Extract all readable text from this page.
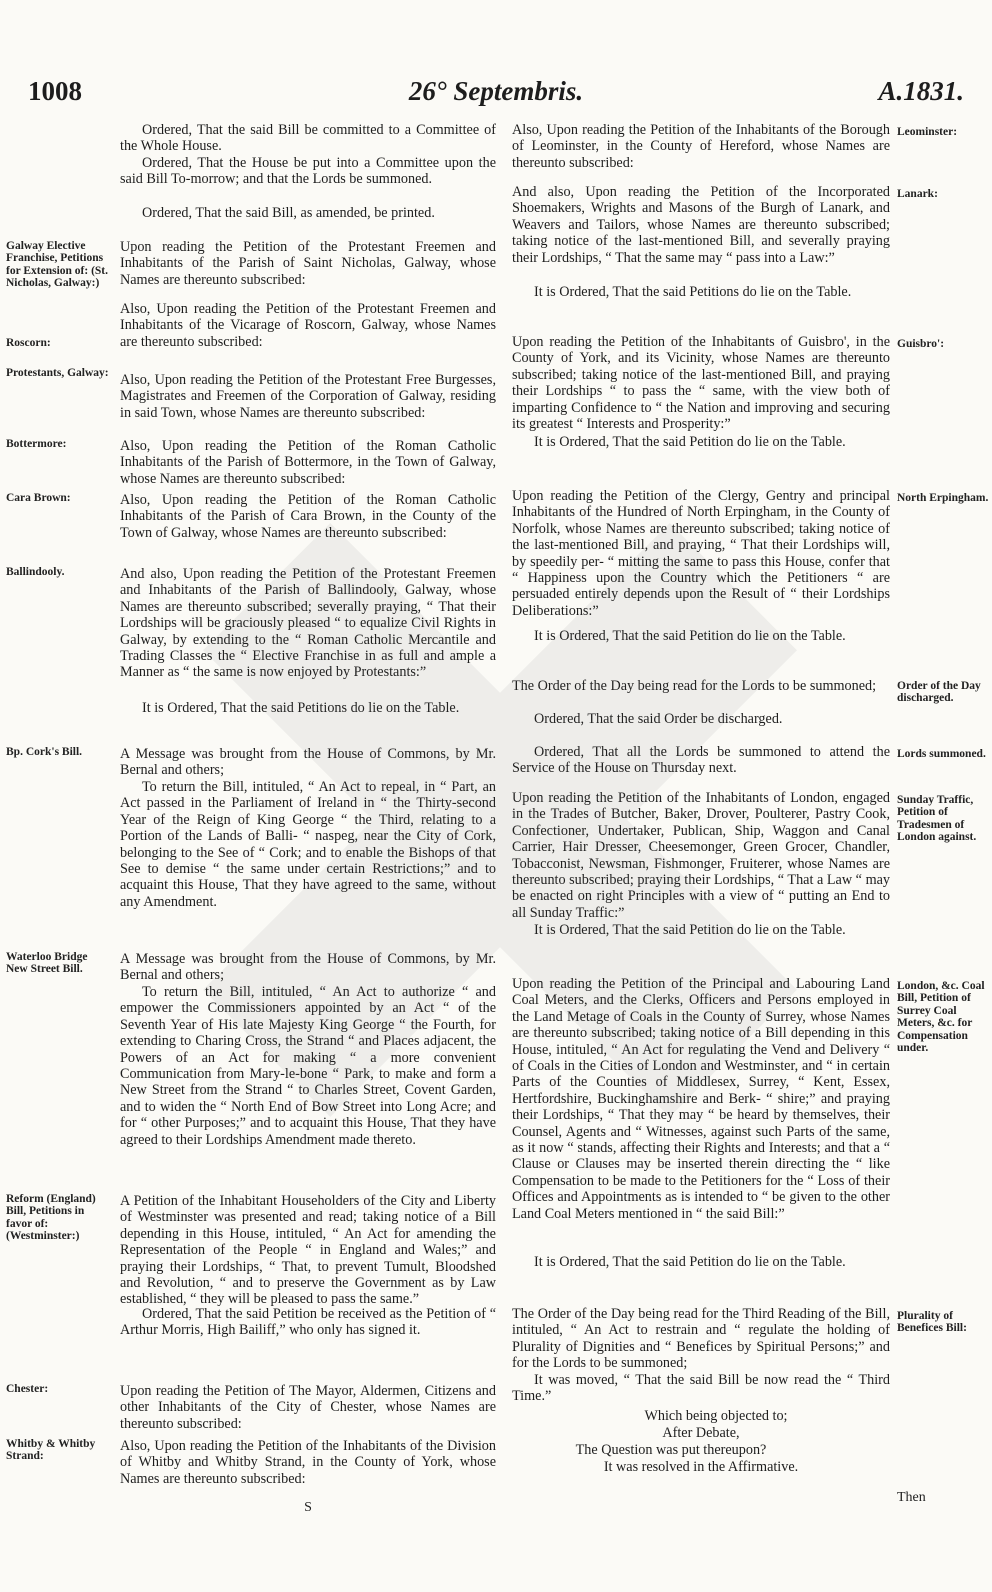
1008	26° Septembris.	A.1831.

Galway Elective Franchise, Petitions for Extension of: (St. Nicholas, Galway:)

Roscorn:

Protestants, Galway:

Bottermore:

Cara Brown:

Ballindooly.

Bp. Cork's Bill.

Waterloo Bridge New Street Bill.

Reform (England) Bill, Petitions in favor of: (Westminster:)

Chester:

Whitby & Whitby Strand:

Ordered, That the said Bill be committed to a Committee of the Whole House.

Ordered, That the House be put into a Committee upon the said Bill To-morrow; and that the Lords be summoned.

Ordered, That the said Bill, as amended, be printed.

Upon reading the Petition of the Protestant Freemen and Inhabitants of the Parish of Saint Nicholas, Galway, whose Names are thereunto subscribed:

Also, Upon reading the Petition of the Protestant Freemen and Inhabitants of the Vicarage of Roscorn, Galway, whose Names are thereunto subscribed:

Also, Upon reading the Petition of the Protestant Free Burgesses, Magistrates and Freemen of the Corporation of Galway, residing in said Town, whose Names are thereunto subscribed:

Also, Upon reading the Petition of the Roman Catholic Inhabitants of the Parish of Bottermore, in the Town of Galway, whose Names are thereunto subscribed:

Also, Upon reading the Petition of the Roman Catholic Inhabitants of the Parish of Cara Brown, in the County of the Town of Galway, whose Names are thereunto subscribed:

And also, Upon reading the Petition of the Protestant Freemen and Inhabitants of the Parish of Ballindooly, Galway, whose Names are thereunto subscribed; severally praying, “ That their Lordships will be graciously pleased “ to equalize Civil Rights in Galway, by extending to the “ Roman Catholic Mercantile and Trading Classes the “ Elective Franchise in as full and ample a Manner as “ the same is now enjoyed by Protestants:”

It is Ordered, That the said Petitions do lie on the Table.

A Message was brought from the House of Commons, by Mr. Bernal and others;

To return the Bill, intituled, “ An Act to repeal, in “ Part, an Act passed in the Parliament of Ireland in “ the Thirty-second Year of the Reign of King George “ the Third, relating to a Portion of the Lands of Balli- “ naspeg, near the City of Cork, belonging to the See of “ Cork; and to enable the Bishops of that See to demise “ the same under certain Restrictions;” and to acquaint this House, That they have agreed to the same, without any Amendment.

A Message was brought from the House of Commons, by Mr. Bernal and others;

To return the Bill, intituled, “ An Act to authorize “ and empower the Commissioners appointed by an Act “ of the Seventh Year of His late Majesty King George “ the Fourth, for extending to Charing Cross, the Strand “ and Places adjacent, the Powers of an Act for making “ a more convenient Communication from Mary-le-bone “ Park, to make and form a New Street from the Strand “ to Charles Street, Covent Garden, and to widen the “ North End of Bow Street into Long Acre; and for “ other Purposes;” and to acquaint this House, That they have agreed to their Lordships Amendment made thereto.

A Petition of the Inhabitant Householders of the City and Liberty of Westminster was presented and read; taking notice of a Bill depending in this House, intituled, “ An Act for amending the Representation of the People “ in England and Wales;” and praying their Lordships, “ That, to prevent Tumult, Bloodshed and Revolution, “ and to preserve the Government as by Law established, “ they will be pleased to pass the same.”

Ordered, That the said Petition be received as the Petition of “ Arthur Morris, High Bailiff,” who only has signed it.

Upon reading the Petition of The Mayor, Aldermen, Citizens and other Inhabitants of the City of Chester, whose Names are thereunto subscribed:

Also, Upon reading the Petition of the Inhabitants of the Division of Whitby and Whitby Strand, in the County of York, whose Names are thereunto subscribed:

S

Also, Upon reading the Petition of the Inhabitants of the Borough of Leominster, in the County of Hereford, whose Names are thereunto subscribed:

And also, Upon reading the Petition of the Incorporated Shoemakers, Wrights and Masons of the Burgh of Lanark, and Weavers and Tailors, whose Names are thereunto subscribed; taking notice of the last-mentioned Bill, and severally praying their Lordships, “ That the same may “ pass into a Law:”

It is Ordered, That the said Petitions do lie on the Table.

Upon reading the Petition of the Inhabitants of Guisbro', in the County of York, and its Vicinity, whose Names are thereunto subscribed; taking notice of the last-mentioned Bill, and praying their Lordships “ to pass the “ same, with the view both of imparting Confidence to “ the Nation and improving and securing its greatest “ Interests and Prosperity:”

It is Ordered, That the said Petition do lie on the Table.

Upon reading the Petition of the Clergy, Gentry and principal Inhabitants of the Hundred of North Erpingham, in the County of Norfolk, whose Names are thereunto subscribed; taking notice of the last-mentioned Bill, and praying, “ That their Lordships will, by speedily per- “ mitting the same to pass this House, confer that “ Happiness upon the Country which the Petitioners “ are persuaded entirely depends upon the Result of “ their Lordships Deliberations:”

It is Ordered, That the said Petition do lie on the Table.

The Order of the Day being read for the Lords to be summoned;

Ordered, That the said Order be discharged.

Ordered, That all the Lords be summoned to attend the Service of the House on Thursday next.

Upon reading the Petition of the Inhabitants of London, engaged in the Trades of Butcher, Baker, Drover, Poulterer, Pastry Cook, Confectioner, Undertaker, Publican, Ship, Waggon and Canal Carrier, Hair Dresser, Cheesemonger, Green Grocer, Chandler, Tobacconist, Newsman, Fishmonger, Fruiterer, whose Names are thereunto subscribed; praying their Lordships, “ That a Law “ may be enacted on right Principles with a view of “ putting an End to all Sunday Traffic:”

It is Ordered, That the said Petition do lie on the Table.

Upon reading the Petition of the Principal and Labouring Land Coal Meters, and the Clerks, Officers and Persons employed in the Land Metage of Coals in the County of Surrey, whose Names are thereunto subscribed; taking notice of a Bill depending in this House, intituled, “ An Act for regulating the Vend and Delivery “ of Coals in the Cities of London and Westminster, and “ in certain Parts of the Counties of Middlesex, Surrey, “ Kent, Essex, Hertfordshire, Buckinghamshire and Berk- “ shire;” and praying their Lordships, “ That they may “ be heard by themselves, their Counsel, Agents and “ Witnesses, against such Parts of the same, as it now “ stands, affecting their Rights and Interests; and that a “ Clause or Clauses may be inserted therein directing the “ like Compensation to be made to the Petitioners for the “ Loss of their Offices and Appointments as is intended to “ be given to the other Land Coal Meters mentioned in “ the said Bill:”

It is Ordered, That the said Petition do lie on the Table.

The Order of the Day being read for the Third Reading of the Bill, intituled, “ An Act to restrain and “ regulate the holding of Plurality of Dignities and “ Benefices by Spiritual Persons;” and for the Lords to be summoned;

It was moved, “ That the said Bill be now read the “ Third Time.”

Which being objected to;

After Debate,

The Question was put thereupon?

It was resolved in the Affirmative.

Leominster:

Lanark:

Guisbro':

North Erpingham.

Order of the Day discharged.

Lords summoned.

Sunday Traffic, Petition of Tradesmen of London against.

London, &c. Coal Bill, Petition of Surrey Coal Meters, &c. for Compensation under.

Plurality of Benefices Bill:

Then
